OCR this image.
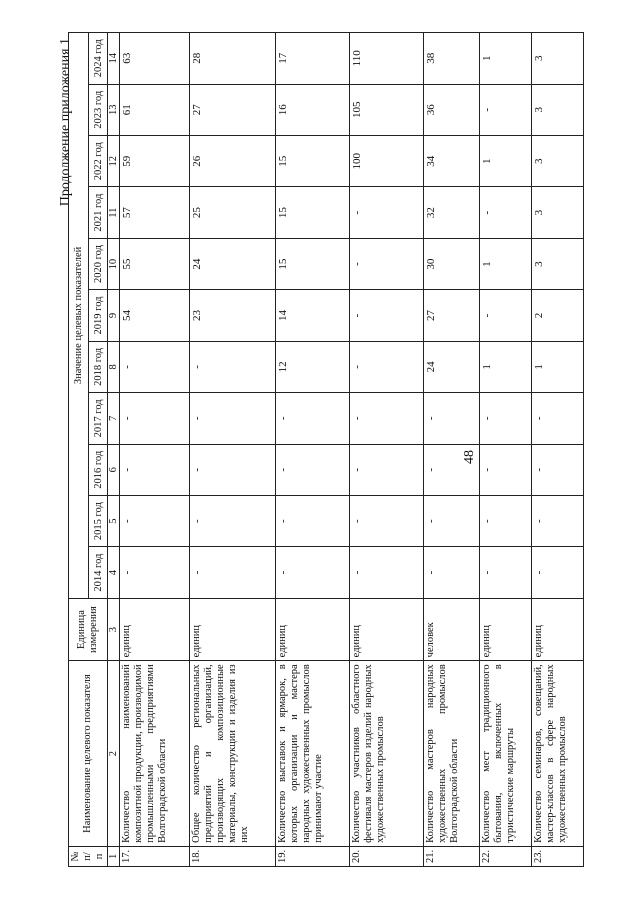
48
Продолжение приложения 1
№ п/п	Наименование целевого показателя	Единица измерения	Значение целевых показателей										
			2014 год	2015 год	2016 год	2017 год	2018 год	2019 год	2020 год	2021 год	2022 год	2023 год	2024 год
1	2	3	4	5	6	7	8	9	10	11	12	13	14
17.	Количество наименований композитной продукции, производимой промышленными предприятиями Волгоградской области	единиц	-	-	-	-	-	54	55	57	59	61	63
18.	Общее количество региональных предприятий и организаций, производящих композиционные материалы, конструкции и изделия из них	единиц	-	-	-	-	-	23	24	25	26	27	28
19.	Количество выставок и ярмарок, в которых организации и мастера народных художественных промыслов принимают участие	единиц	-	-	-	-	12	14	15	15	15	16	17
20.	Количество участников областного фестиваля мастеров изделий народных художественных промыслов	единиц	-	-	-	-	-	-	-	-	100	105	110
21.	Количество мастеров народных художественных промыслов Волгоградской области	человек	-	-	-	-	24	27	30	32	34	36	38
22.	Количество мест традиционного бытования, включенных в туристические маршруты	единиц	-	-	-	-	1	-	1	-	1	-	1
23.	Количество семинаров, совещаний, мастер-классов в сфере народных художественных промыслов	единиц	-	-	-	-	1	2	3	3	3	3	3
